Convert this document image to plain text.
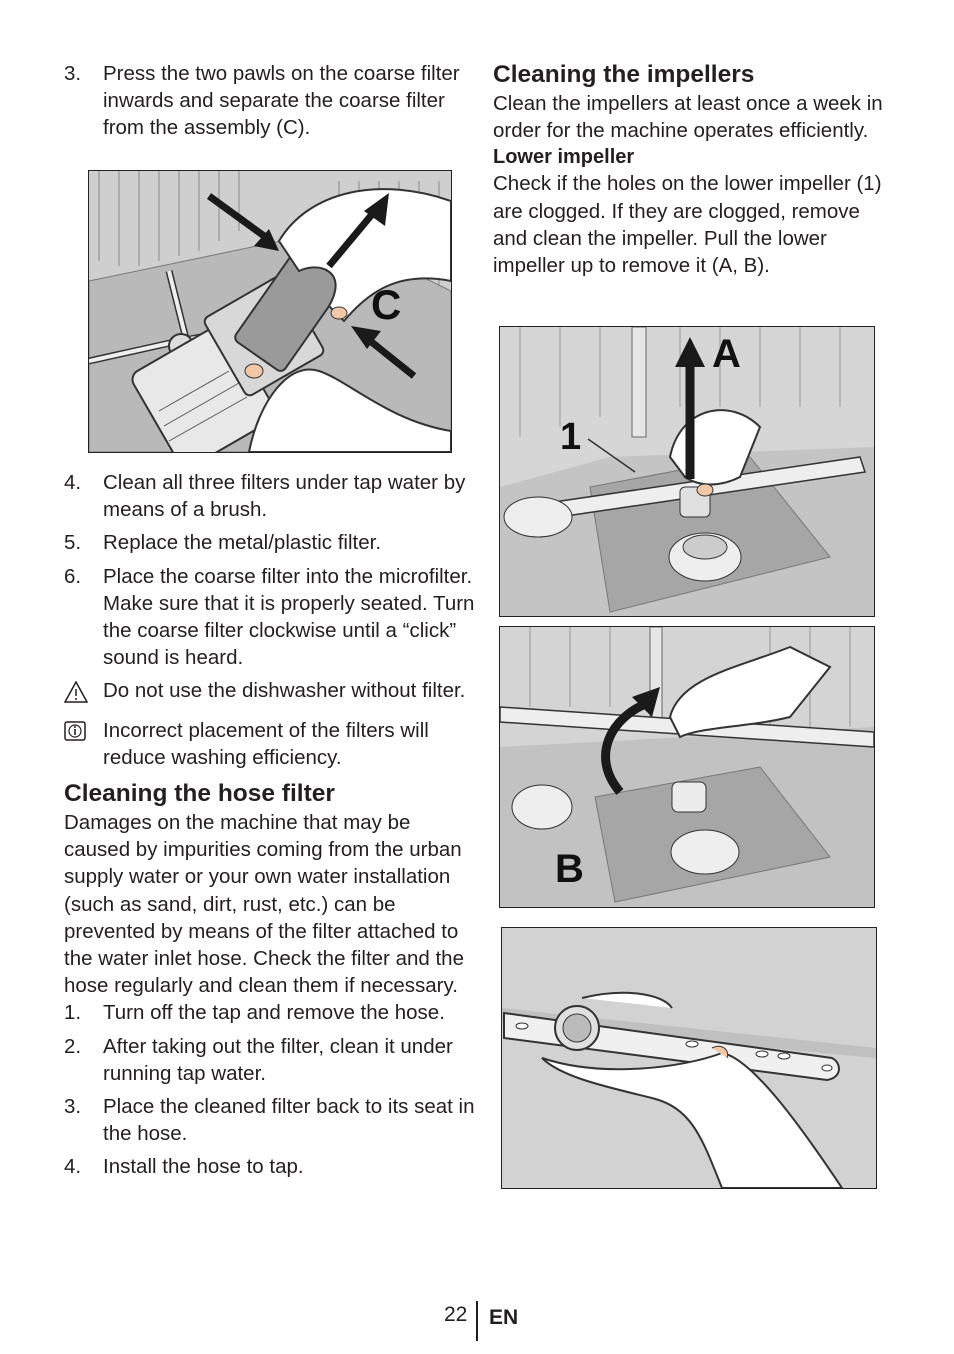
3.	Press the two pawls on the coarse filter inwards and separate the coarse filter from the assembly (C).
C
4.	Clean all three filters under tap water by means of a brush.
5.	Replace the metal/plastic filter.
6.	Place the coarse filter into the microfilter. Make sure that it is properly seated. Turn the coarse filter clockwise until a “click” sound is heard.
Do not use the dishwasher without filter.
Incorrect placement of the filters will reduce washing efficiency.
Cleaning the hose filter

Damages on the machine that may be caused by impurities coming from the urban supply water or your own water installation (such as sand, dirt, rust, etc.) can be prevented by means of the filter attached to the water inlet hose. Check the filter and the hose regularly and clean them if necessary.

1.	Turn off the tap and remove the hose.
2.	After taking out the filter, clean it under running tap water.
3.	Place the cleaned filter back to its seat in the hose.
4.	Install the hose to tap.
Cleaning the impellers

Clean the impellers at least once a week in order for the machine operates efficiently.

Lower impeller

Check if the holes on the lower impeller (1) are clogged. If they are clogged, remove and clean the impeller. Pull the lower impeller up to remove it (A, B).

1
A
B
22 EN
